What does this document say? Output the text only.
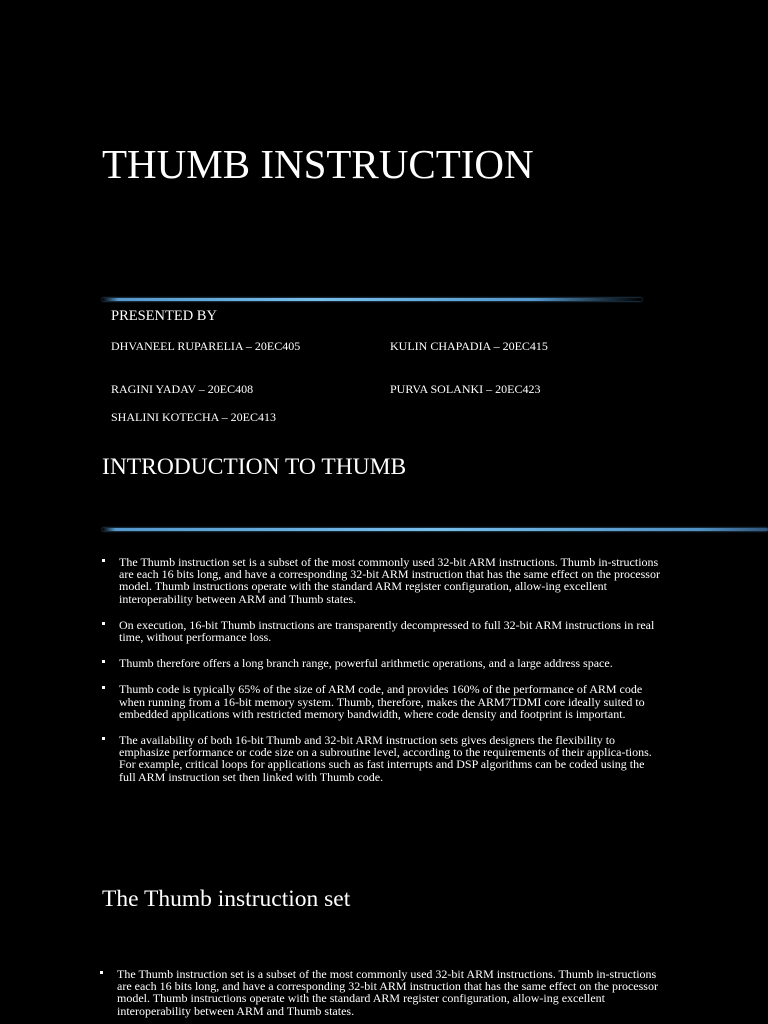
THUMB INSTRUCTION
PRESENTED BY
DHVANEEL RUPARELIA – 20EC405	KULIN CHAPADIA – 20EC415
RAGINI YADAV – 20EC408	PURVA SOLANKI – 20EC423
SHALINI KOTECHA – 20EC413
INTRODUCTION TO THUMB
The Thumb instruction set is a subset of the most commonly used 32-bit ARM instructions. Thumb in-structions are each 16 bits long, and have a corresponding 32-bit ARM instruction that has the same effect on the processor model. Thumb instructions operate with the standard ARM register configuration, allow-ing excellent interoperability between ARM and Thumb states.
On execution, 16-bit Thumb instructions are transparently decompressed to full 32-bit ARM instructions in real time, without performance loss.
Thumb therefore offers a long branch range, powerful arithmetic operations, and a large address space.
Thumb code is typically 65% of the size of ARM code, and provides 160% of the performance of ARM code when running from a 16-bit memory system. Thumb, therefore, makes the ARM7TDMI core ideally suited to embedded applications with restricted memory bandwidth, where code density and footprint is important.
The availability of both 16-bit Thumb and 32-bit ARM instruction sets gives designers the flexibility to emphasize performance or code size on a subroutine level, according to the requirements of their applica-tions. For example, critical loops for applications such as fast interrupts and DSP algorithms can be coded using the full ARM instruction set then linked with Thumb code.
The Thumb instruction set
The Thumb instruction set is a subset of the most commonly used 32-bit ARM instructions. Thumb in-structions are each 16 bits long, and have a corresponding 32-bit ARM instruction that has the same effect on the processor model. Thumb instructions operate with the standard ARM register configuration, allow-ing excellent interoperability between ARM and Thumb states.
